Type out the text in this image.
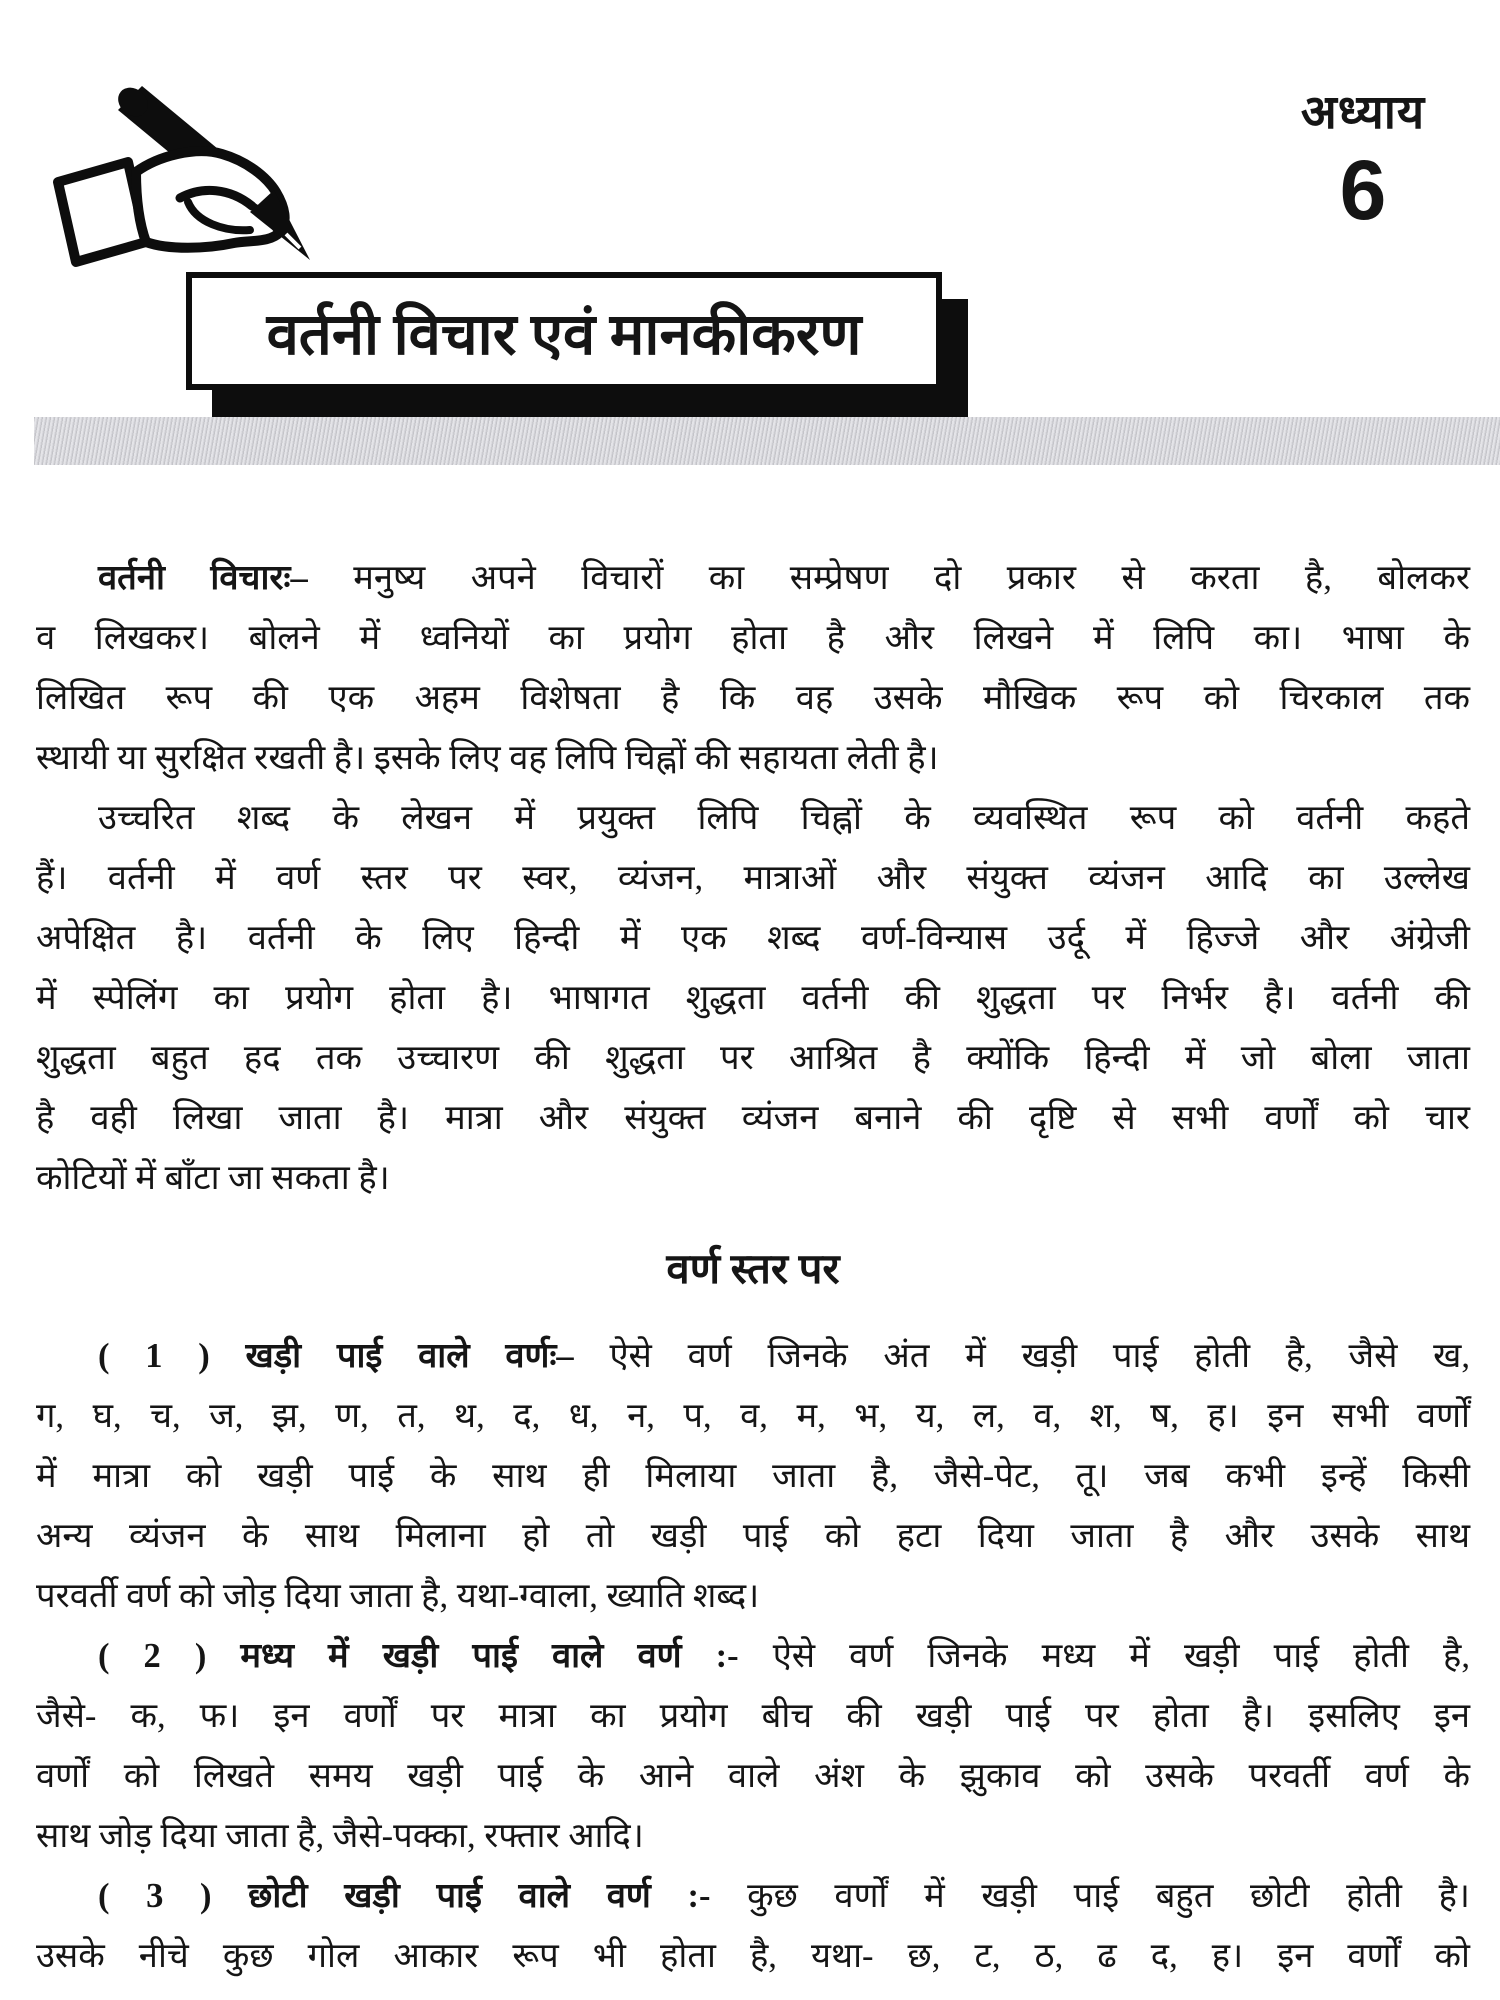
अध्याय
6
वर्तनी विचार एवं मानकीकरण
वर्तनी विचारः– मनुष्य अपने विचारों का सम्प्रेषण दो प्रकार से करता है, बोलकर
व लिखकर। बोलने में ध्वनियों का प्रयोग होता है और लिखने में लिपि का। भाषा के
लिखित रूप की एक अहम विशेषता है कि वह उसके मौखिक रूप को चिरकाल तक
स्थायी या सुरक्षित रखती है। इसके लिए वह लिपि चिह्नों की सहायता लेती है।
उच्चरित शब्द के लेखन में प्रयुक्त लिपि चिह्नों के व्यवस्थित रूप को वर्तनी कहते
हैं। वर्तनी में वर्ण स्तर पर स्वर, व्यंजन, मात्राओं और संयुक्त व्यंजन आदि का उल्लेख
अपेक्षित है। वर्तनी के लिए हिन्दी में एक शब्द वर्ण-विन्यास उर्दू में हिज्जे और अंग्रेजी
में स्पेलिंग का प्रयोग होता है। भाषागत शुद्धता वर्तनी की शुद्धता पर निर्भर है। वर्तनी की
शुद्धता बहुत हद तक उच्चारण की शुद्धता पर आश्रित है क्योंकि हिन्दी में जो बोला जाता
है वही लिखा जाता है। मात्रा और संयुक्त व्यंजन बनाने की दृष्टि से सभी वर्णों को चार
कोटियों में बाँटा जा सकता है।
वर्ण स्तर पर
( 1 ) खड़ी पाई वाले वर्णः– ऐसे वर्ण जिनके अंत में खड़ी पाई होती है, जैसे ख,
ग, घ, च, ज, झ, ण, त, थ, द, ध, न, प, व, म, भ, य, ल, व, श, ष, ह। इन सभी वर्णों
में मात्रा को खड़ी पाई के साथ ही मिलाया जाता है, जैसे-पेट, तू। जब कभी इन्हें किसी
अन्य व्यंजन के साथ मिलाना हो तो खड़ी पाई को हटा दिया जाता है और उसके साथ
परवर्ती वर्ण को जोड़ दिया जाता है, यथा-ग्वाला, ख्याति शब्द।
( 2 ) मध्य में खड़ी पाई वाले वर्ण :- ऐसे वर्ण जिनके मध्य में खड़ी पाई होती है,
जैसे- क, फ। इन वर्णों पर मात्रा का प्रयोग बीच की खड़ी पाई पर होता है। इसलिए इन
वर्णों को लिखते समय खड़ी पाई के आने वाले अंश के झुकाव को उसके परवर्ती वर्ण के
साथ जोड़ दिया जाता है, जैसे-पक्का, रफ्तार आदि।
( 3 ) छोटी खड़ी पाई वाले वर्ण :- कुछ वर्णों में खड़ी पाई बहुत छोटी होती है।
उसके नीचे कुछ गोल आकार रूप भी होता है, यथा- छ, ट, ठ, ढ द, ह। इन वर्णों को
